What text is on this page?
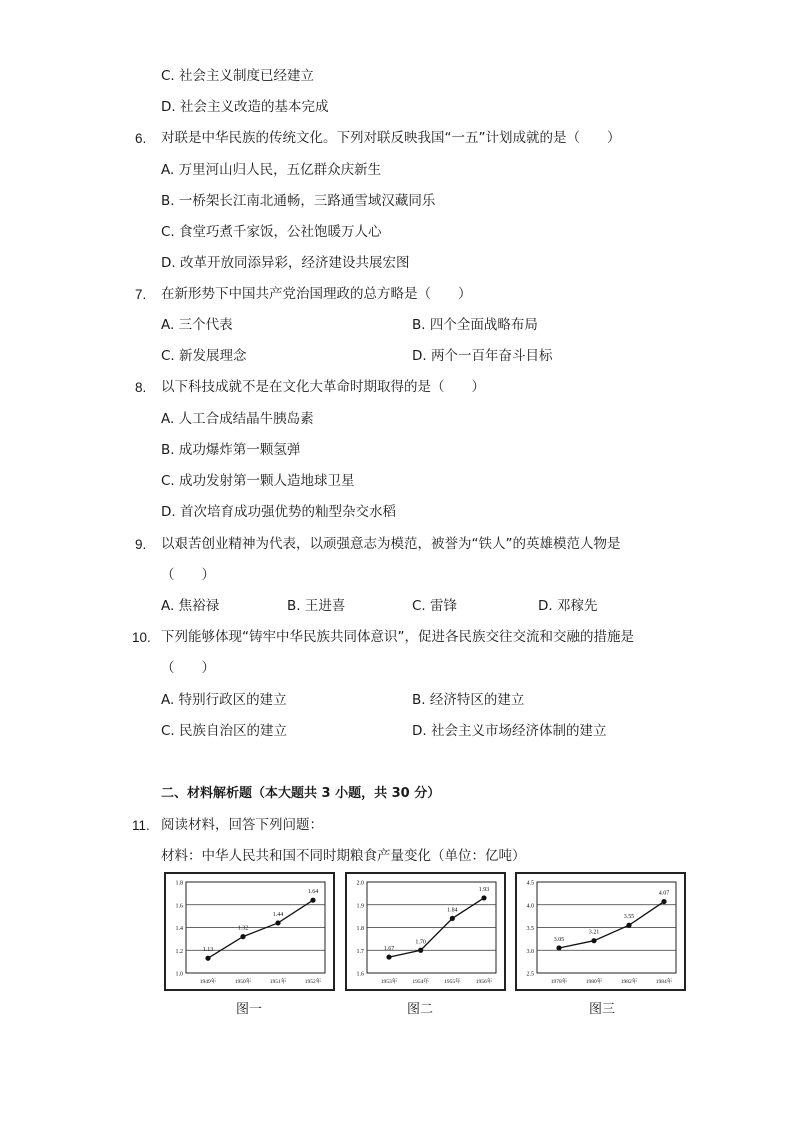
C. 社会主义制度已经建立
D. 社会主义改造的基本完成
6. 对联是中华民族的传统文化。下列对联反映我国“一五”计划成就的是（　　）
A. 万里河山归人民，五亿群众庆新生
B. 一桥架长江南北通畅，三路通雪域汉藏同乐
C. 食堂巧煮千家饭，公社饱暖万人心
D. 改革开放同添异彩，经济建设共展宏图
7. 在新形势下中国共产党治国理政的总方略是（　　）
A. 三个代表	B. 四个全面战略布局
C. 新发展理念	D. 两个一百年奋斗目标
8. 以下科技成就不是在文化大革命时期取得的是（　　）
A. 人工合成结晶牛胰岛素
B. 成功爆炸第一颗氢弹
C. 成功发射第一颗人造地球卫星
D. 首次培育成功强优势的籼型杂交水稻
9. 以艰苦创业精神为代表，以顽强意志为模范，被誉为“铁人”的英雄模范人物是
（　　）
A. 焦裕禄	B. 王进喜	C. 雷锋	D. 邓稼先
10. 下列能够体现“铸牢中华民族共同体意识”，促进各民族交往交流和交融的措施是
（　　）
A. 特别行政区的建立	B. 经济特区的建立
C. 民族自治区的建立	D. 社会主义市场经济体制的建立
二、材料解析题（本大题共 3 小题，共 30 分）
11. 阅读材料，回答下列问题：
材料：中华人民共和国不同时期粮食产量变化（单位：亿吨）
1.8
1.6
1.4
1.2
1.0
1949年	1950年	1951年	1952年
1.13
1.32
1.44
1.64
2.0
1.9
1.8
1.7
1.6
1953年	1954年	1955年	1956年
1.67
1.70
1.84
1.93
4.5
4.0
3.5
3.0
2.5
1978年	1980年	1982年	1984年
3.05
3.21
3.55
4.07
图一	图二	图三
